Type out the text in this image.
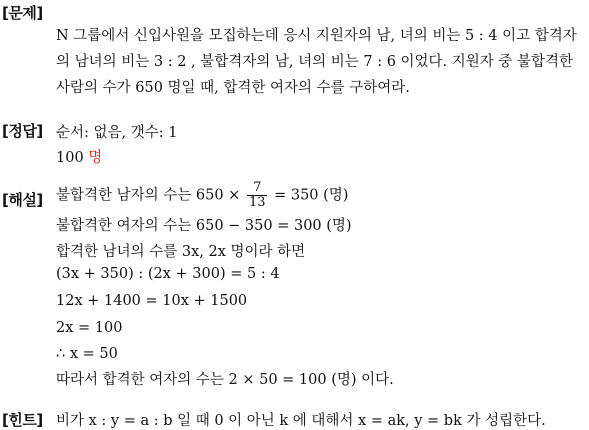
[문제]
N 그룹에서 신입사원을 모집하는데 응시 지원자의 남, 녀의 비는 5 : 4 이고 합격자
의 남녀의 비는 3 : 2 , 불합격자의 남, 녀의 비는 7 : 6 이었다. 지원자 중 불합격한
사람의 수가 650 명일 때, 합격한 여자의 수를 구하여라.
[정답] 순서: 없음, 갯수: 1
100 명
[해설] 불합격한 남자의 수는 $650 \times \frac{7}{13} = 350$ (명)
불합격한 여자의 수는 650 − 350 = 300 (명)
합격한 남녀의 수를 3x, 2x 명이라 하면
(3x + 350) : (2x + 300) = 5 : 4
12x + 1400 = 10x + 1500
2x = 100
∴ x = 50
따라서 합격한 여자의 수는 2 × 50 = 100 (명) 이다.
[힌트] 비가 x : y = a : b 일 때 0 이 아닌 k 에 대해서 x = ak, y = bk 가 성립한다.
